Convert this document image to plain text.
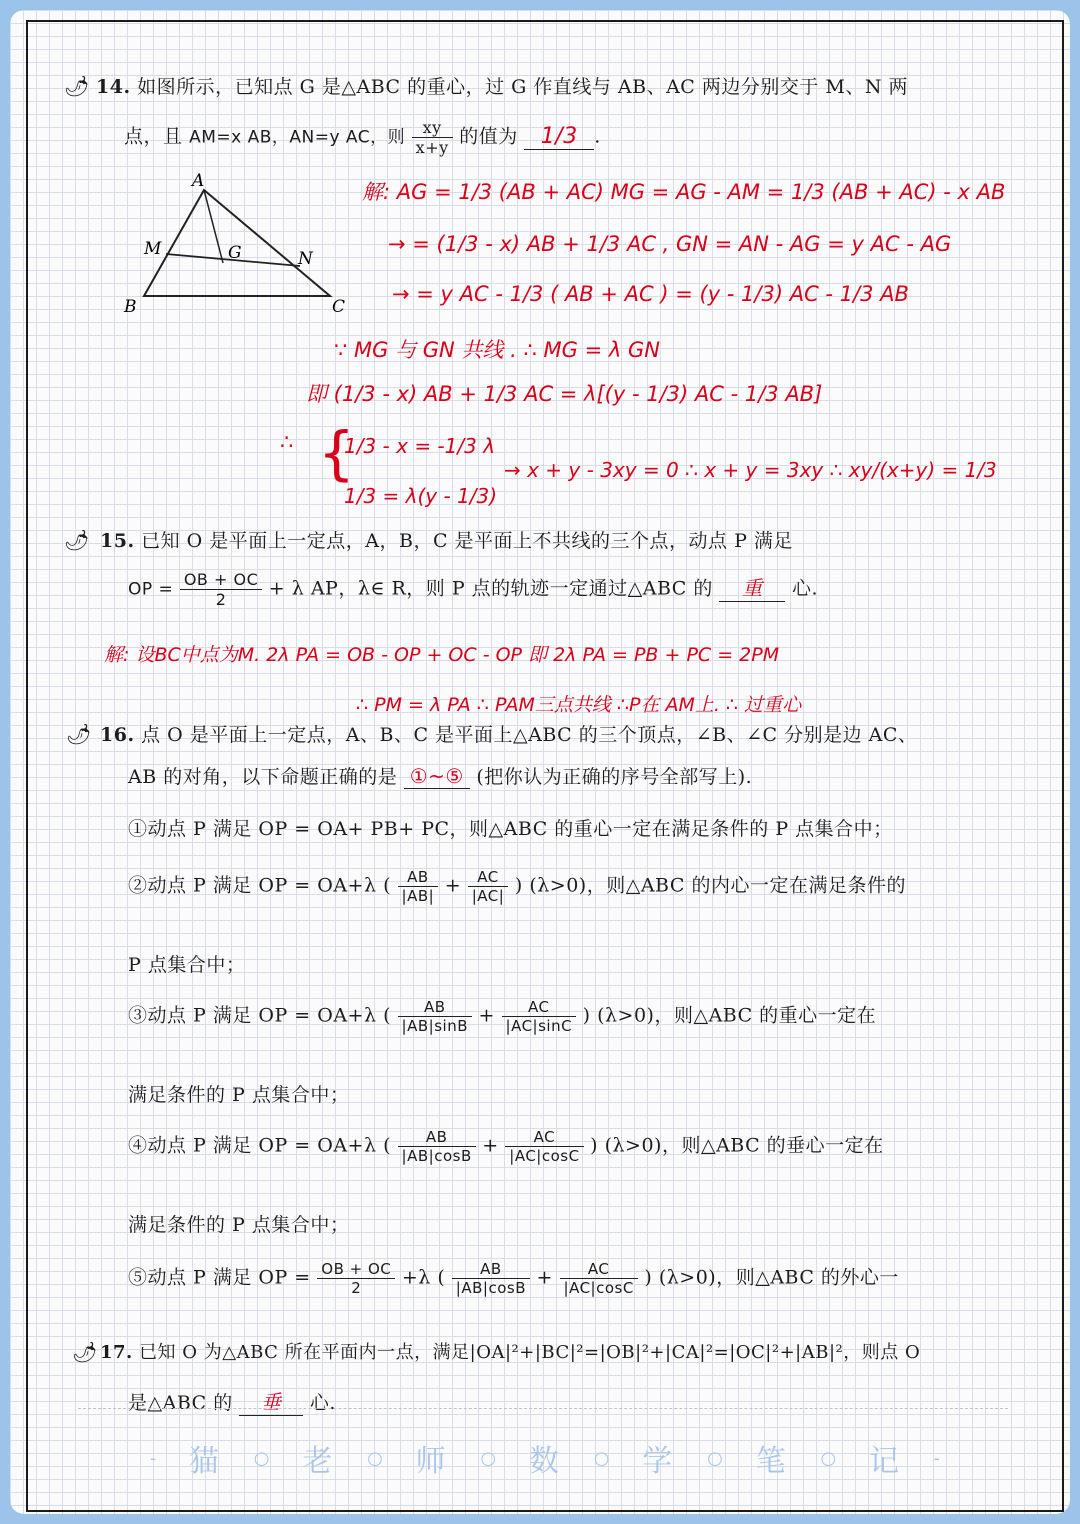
🌶 14. 如图所示，已知点 G 是△ABC 的重心，过 G 作直线与 AB、AC 两边分别交于 M、N 两
点，且 AM=x AB，AN=y AC，则 $\frac{xy}{x+y}$ 的值为 1/3 .
A
B	C
M	N
G
解: AG = 1/3 (AB + AC) MG = AG - AM = 1/3 (AB + AC) - x AB
→ = (1/3 - x) AB + 1/3 AC , GN = AN - AG = y AC - AG
→ = y AC - 1/3 ( AB + AC ) = (y - 1/3) AC - 1/3 AB
∵ MG 与 GN 共线 . ∴ MG = λ GN
即 (1/3 - x) AB + 1/3 AC = λ[(y - 1/3) AC - 1/3 AB]
∴ {
1/3 - x = -1/3 λ
1/3 = λ(y - 1/3)
→ x + y - 3xy = 0 ∴ x + y = 3xy ∴ xy/(x+y) = 1/3
🌶 15. 已知 O 是平面上一定点，A，B，C 是平面上不共线的三个点，动点 P 满足
OP = $\frac{OB + OC}{2} + \lambda$ AP，λ∈ R，则 P 点的轨迹一定通过△ABC 的 重 心.
解: 设BC中点为M. 2λ PA = OB - OP + OC - OP 即 2λ PA = PB + PC = 2PM
∴ PM = λ PA ∴ PAM三点共线 ∴P在 AM上. ∴ 过重心
🌶 16. 点 O 是平面上一定点，A、B、C 是平面上△ABC 的三个顶点，∠B、∠C 分别是边 AC、
AB 的对角，以下命题正确的是 ①~⑤ (把你认为正确的序号全部写上).
①动点 P 满足 OP = OA+ PB+ PC，则△ABC 的重心一定在满足条件的 P 点集合中；
②动点 P 满足 OP = OA+λ ( $\frac{AB}{|AB|} + \frac{AC}{|AC|}$ ) (λ>0)，则△ABC 的内心一定在满足条件的
P 点集合中；
③动点 P 满足 OP = OA+λ ( $\frac{AB}{|AB|\sin B} + \frac{AC}{|AC|\sin C}$ ) (λ>0)，则△ABC 的重心一定在
满足条件的 P 点集合中；
④动点 P 满足 OP = OA+λ ( $\frac{AB}{|AB|\cos B} + \frac{AC}{|AC|\cos C}$ ) (λ>0)，则△ABC 的垂心一定在
满足条件的 P 点集合中；
⑤动点 P 满足 OP = $\frac{OB + OC}{2} +\lambda$ ( $\frac{AB}{|AB|\cos B} + \frac{AC}{|AC|\cos C}$ ) (λ>0)，则△ABC 的外心一
🌶 17. 已知 O 为△ABC 所在平面内一点，满足|OA|²+|BC|²=|OB|²+|CA|²=|OC|²+|AB|²，则点 O
是△ABC 的 垂 心.
- 猫 ○ 老 ○ 师 ○ 数 ○ 学 ○ 笔 ○ 记 -
